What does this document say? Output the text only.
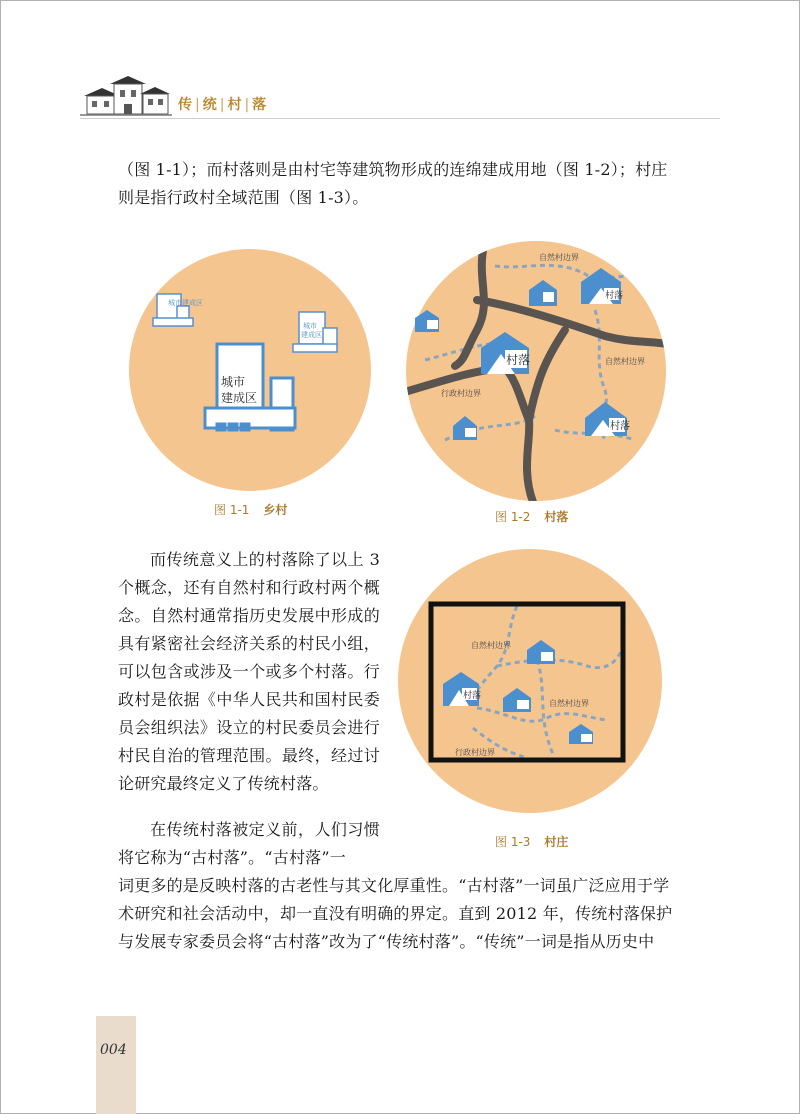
传 | 统 | 村 | 落

（图 1-1）；而村落则是由村宅等建筑物形成的连绵建成用地（图 1-2）；村庄则是指行政村全域范围（图 1-3）。

城市建成区
城市建成区
城市
建成区
图 1-1 乡村
村落
村落
村落
自然村边界
自然村边界
行政村边界
图 1-2 村落
村落
自然村边界
自然村边界
行政村边界
图 1-3 村庄

而传统意义上的村落除了以上 3 个概念，还有自然村和行政村两个概念。自然村通常指历史发展中形成的具有紧密社会经济关系的村民小组，可以包含或涉及一个或多个村落。行政村是依据《中华人民共和国村民委员会组织法》设立的村民委员会进行村民自治的管理范围。最终，经过讨论研究最终定义了传统村落。

在传统村落被定义前，人们习惯将它称为“古村落”。“古村落”一

词更多的是反映村落的古老性与其文化厚重性。“古村落”一词虽广泛应用于学术研究和社会活动中，却一直没有明确的界定。直到 2012 年，传统村落保护与发展专家委员会将“古村落”改为了“传统村落”。“传统”一词是指从历史中

004
